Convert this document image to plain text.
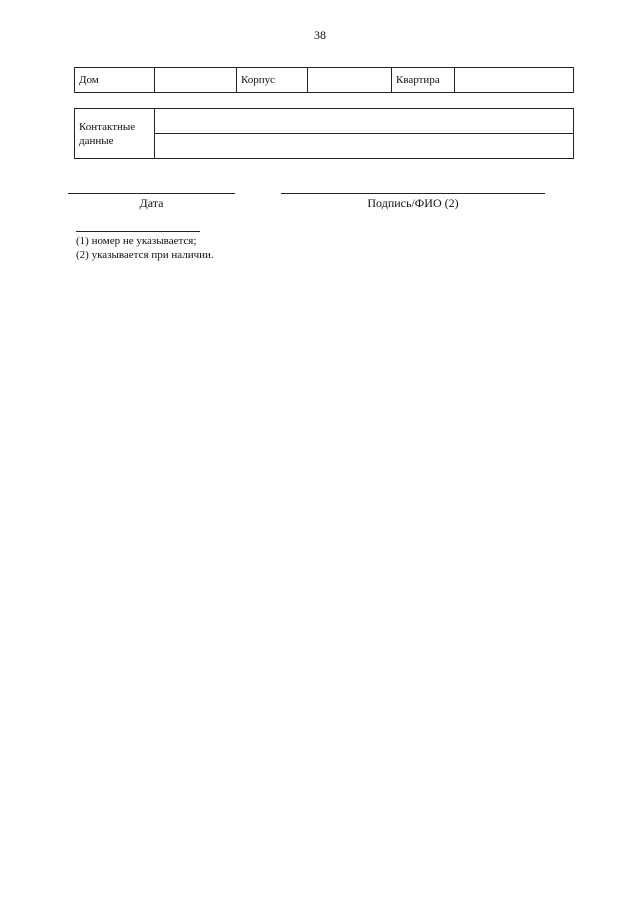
38
Дом		Корпус		Квартира	
Контактные
данные	

Дата	Подпись/ФИО (2)
(1) номер не указывается;
(2) указывается при наличии.
